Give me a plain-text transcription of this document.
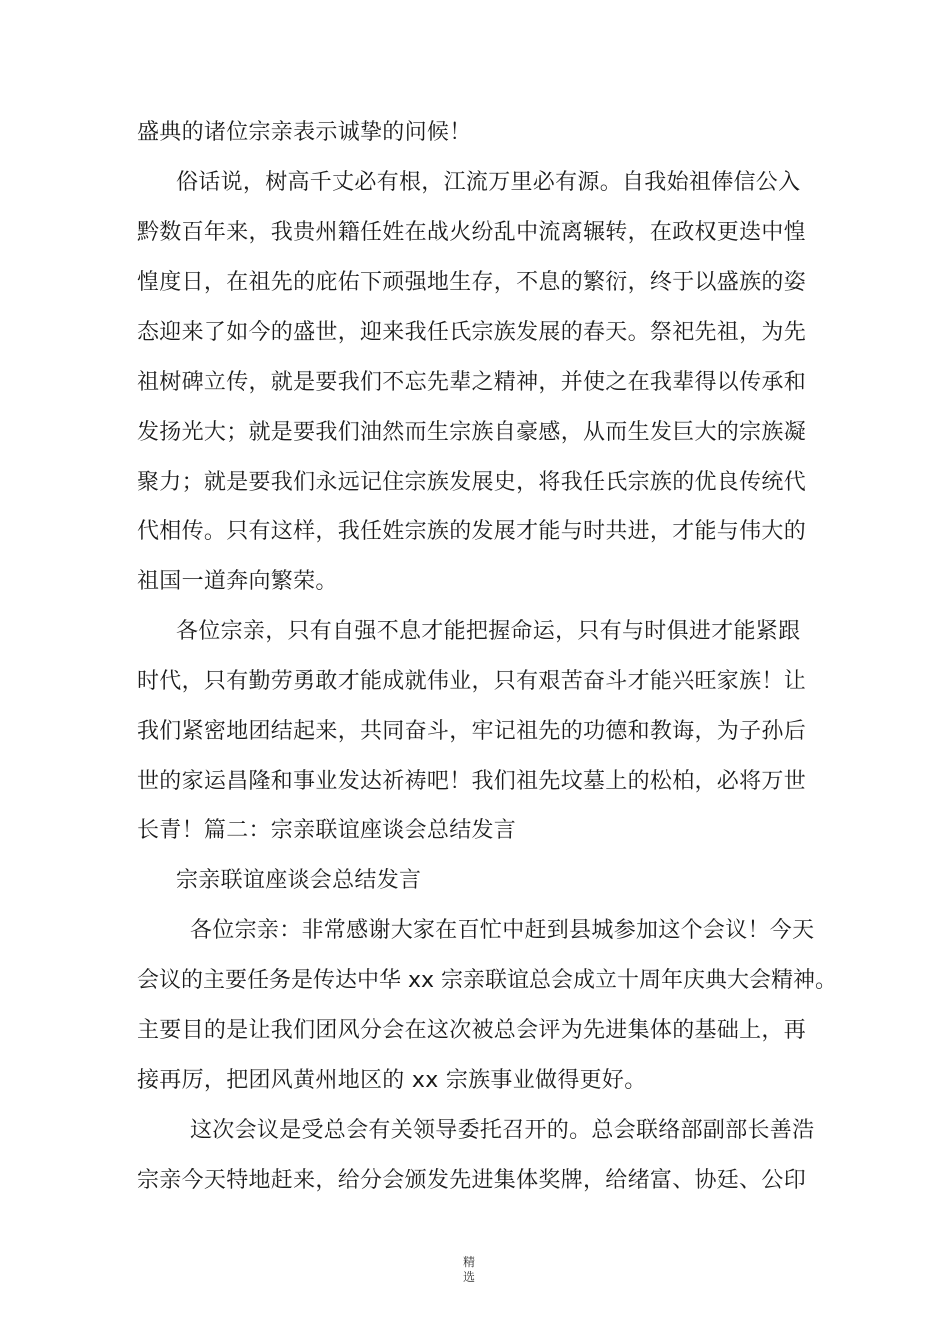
盛典的诸位宗亲表示诚挚的问候！
俗话说，树高千丈必有根，江流万里必有源。自我始祖俸信公入
黔数百年来，我贵州籍任姓在战火纷乱中流离辗转，在政权更迭中惶
惶度日，在祖先的庇佑下顽强地生存，不息的繁衍，终于以盛族的姿
态迎来了如今的盛世，迎来我任氏宗族发展的春天。祭祀先祖，为先
祖树碑立传，就是要我们不忘先辈之精神，并使之在我辈得以传承和
发扬光大；就是要我们油然而生宗族自豪感，从而生发巨大的宗族凝
聚力；就是要我们永远记住宗族发展史，将我任氏宗族的优良传统代
代相传。只有这样，我任姓宗族的发展才能与时共进，才能与伟大的
祖国一道奔向繁荣。
各位宗亲，只有自强不息才能把握命运，只有与时俱进才能紧跟
时代，只有勤劳勇敢才能成就伟业，只有艰苦奋斗才能兴旺家族！让
我们紧密地团结起来，共同奋斗，牢记祖先的功德和教诲，为子孙后
世的家运昌隆和事业发达祈祷吧！我们祖先坟墓上的松柏，必将万世
长青！篇二：宗亲联谊座谈会总结发言
宗亲联谊座谈会总结发言
各位宗亲：非常感谢大家在百忙中赶到县城参加这个会议！今天
会议的主要任务是传达中华 xx 宗亲联谊总会成立十周年庆典大会精神。
主要目的是让我们团风分会在这次被总会评为先进集体的基础上，再
接再厉，把团风黄州地区的 xx 宗族事业做得更好。
这次会议是受总会有关领导委托召开的。总会联络部副部长善浩
宗亲今天特地赶来，给分会颁发先进集体奖牌，给绪富、协廷、公印
精
选
